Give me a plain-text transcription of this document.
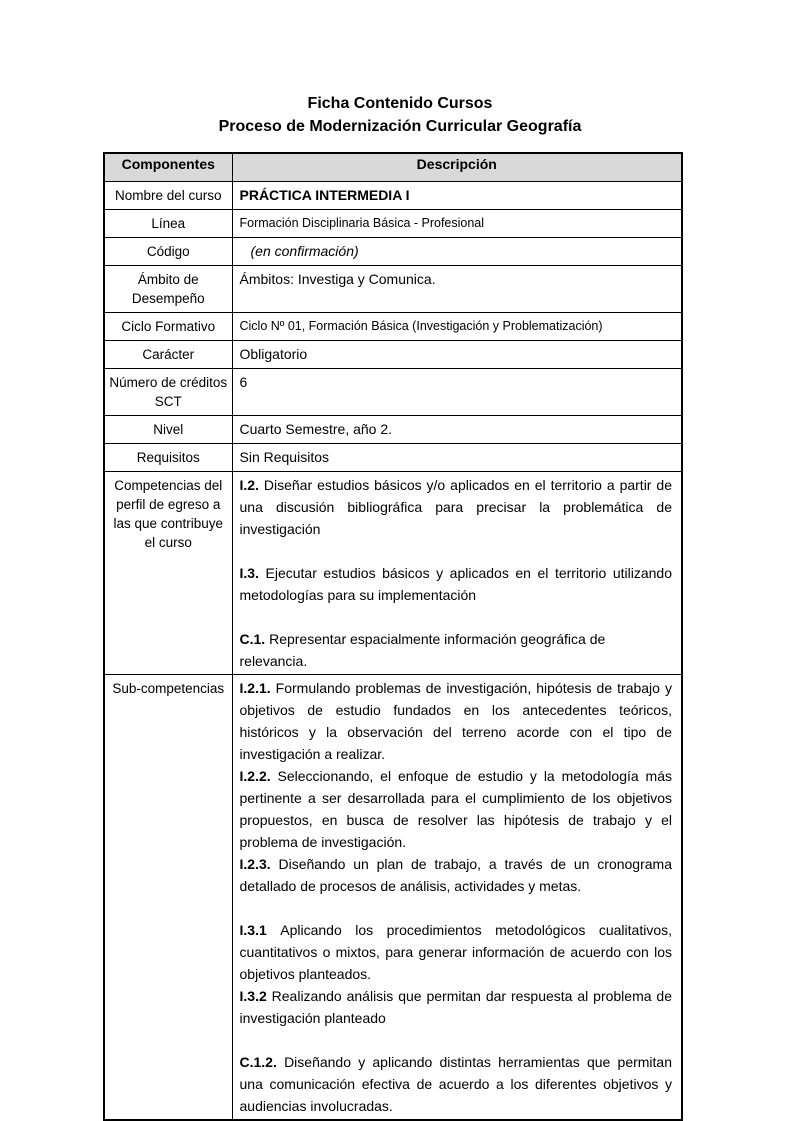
Ficha Contenido Cursos

Proceso de Modernización Curricular Geografía

Componentes	Descripción
Nombre del curso	PRÁCTICA INTERMEDIA I

Línea	Formación Disciplinaria Básica - Profesional

Código	(en confirmación)

Ámbito de Desempeño	Ámbitos: Investiga y Comunica.

Ciclo Formativo	Ciclo Nº 01, Formación Básica (Investigación y Problematización)

Carácter	Obligatorio

Número de créditos SCT	6

Nivel	Cuarto Semestre, año 2.

Requisitos	Sin Requisitos

Competencias del perfil de egreso a las que contribuye el curso	I.2. Diseñar estudios básicos y/o aplicados en el territorio a partir de una discusión bibliográfica para precisar la problemática de investigación

I.3. Ejecutar estudios básicos y aplicados en el territorio utilizando metodologías para su implementación

C.1. Representar espacialmente información geográfica de relevancia.

Sub-competencias	I.2.1. Formulando problemas de investigación, hipótesis de trabajo y objetivos de estudio fundados en los antecedentes teóricos, históricos y la observación del terreno acorde con el tipo de investigación a realizar.

I.2.2. Seleccionando, el enfoque de estudio y la metodología más pertinente a ser desarrollada para el cumplimiento de los objetivos propuestos, en busca de resolver las hipótesis de trabajo y el problema de investigación.

I.2.3. Diseñando un plan de trabajo, a través de un cronograma detallado de procesos de análisis, actividades y metas.

I.3.1 Aplicando los procedimientos metodológicos cualitativos, cuantitativos o mixtos, para generar información de acuerdo con los objetivos planteados.

I.3.2 Realizando análisis que permitan dar respuesta al problema de investigación planteado

C.1.2. Diseñando y aplicando distintas herramientas que permitan una comunicación efectiva de acuerdo a los diferentes objetivos y audiencias involucradas.
